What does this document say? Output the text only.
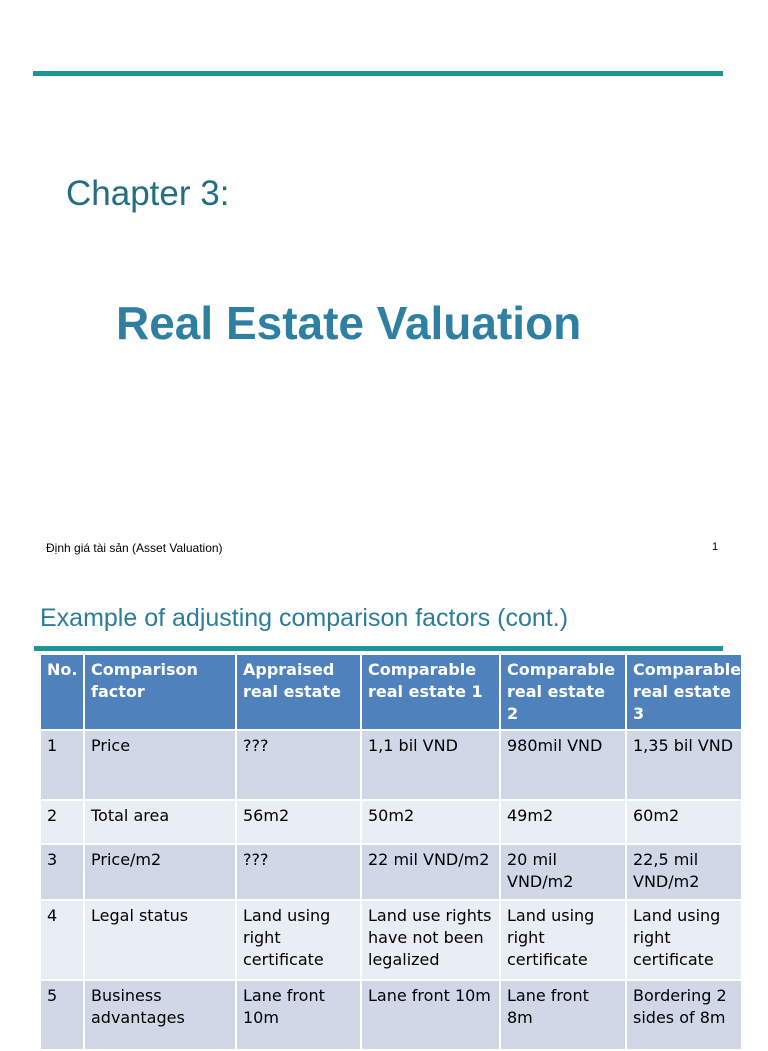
Chapter 3:
Real Estate Valuation
Định giá tài sản (Asset Valuation)	1
Example of adjusting comparison factors (cont.)
No.	Comparison factor	Appraised real estate	Comparable real estate 1	Comparable real estate 2	Comparable real estate 3
1	Price	???	1,1 bil VND	980mil VND	1,35 bil VND
2	Total area	56m2	50m2	49m2	60m2
3	Price/m2	???	22 mil VND/m2	20 mil VND/m2	22,5 mil VND/m2
4	Legal status	Land using right certificate	Land use rights have not been legalized	Land using right certificate	Land using right certificate
5	Business advantages	Lane front 10m	Lane front 10m	Lane front 8m	Bordering 2 sides of 8m
